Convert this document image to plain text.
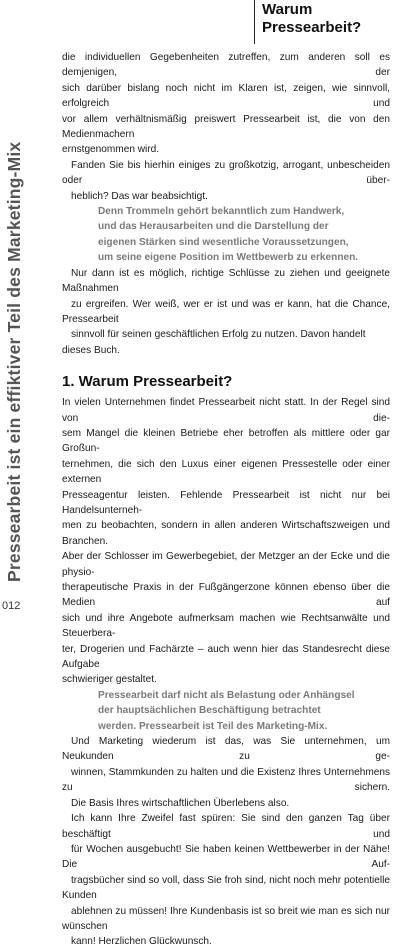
Pressearbeit ist ein effiktiver Teil des Marketing-Mix
012
Warum
Pressearbeit?

die individuellen Gegebenheiten zutreffen, zum anderen soll es demjenigen, der
sich darüber bislang noch nicht im Klaren ist, zeigen, wie sinnvoll, erfolgreich und
vor allem verhältnismäßig preiswert Pressearbeit ist, die von den Medienmachern
ernstgenommen wird.

Fanden Sie bis hierhin einiges zu großkotzig, arrogant, unbescheiden oder über-
heblich? Das war beabsichtigt.

Denn Trommeln gehört bekanntlich zum Handwerk,
und das Herausarbeiten und die Darstellung der
eigenen Stärken sind wesentliche Voraussetzungen,
um seine eigene Position im Wettbewerb zu erkennen.

Nur dann ist es möglich, richtige Schlüsse zu ziehen und geeignete Maßnahmen
zu ergreifen. Wer weiß, wer er ist und was er kann, hat die Chance, Pressearbeit
sinnvoll für seinen geschäftlichen Erfolg zu nutzen. Davon handelt dieses Buch.

1. Warum Pressearbeit?

In vielen Unternehmen findet Pressearbeit nicht statt. In der Regel sind von die-
sem Mangel die kleinen Betriebe eher betroffen als mittlere oder gar Großun-
ternehmen, die sich den Luxus einer eigenen Pressestelle oder einer externen
Presseagentur leisten. Fehlende Pressearbeit ist nicht nur bei Handelsunterneh-
men zu beobachten, sondern in allen anderen Wirtschaftszweigen und Branchen.
Aber der Schlosser im Gewerbegebiet, der Metzger an der Ecke und die physio-
therapeutische Praxis in der Fußgängerzone können ebenso über die Medien auf
sich und ihre Angebote aufmerksam machen wie Rechtsanwälte und Steuerbera-
ter, Drogerien und Fachärzte – auch wenn hier das Standesrecht diese Aufgabe
schwieriger gestaltet.

Pressearbeit darf nicht als Belastung oder Anhängsel
der hauptsächlichen Beschäftigung betrachtet
werden. Pressearbeit ist Teil des Marketing-Mix.

Und Marketing wiederum ist das, was Sie unternehmen, um Neukunden zu ge-
winnen, Stammkunden zu halten und die Existenz Ihres Unternehmens zu sichern.
Die Basis Ihres wirtschaftlichen Überlebens also.

Ich kann Ihre Zweifel fast spüren: Sie sind den ganzen Tag über beschäftigt und
für Wochen ausgebucht! Sie haben keinen Wettbewerber in der Nähe! Die Auf-
tragsbücher sind so voll, dass Sie froh sind, nicht noch mehr potentielle Kunden
ablehnen zu müssen! Ihre Kundenbasis ist so breit wie man es sich nur wünschen
kann! Herzlichen Glückwunsch.
